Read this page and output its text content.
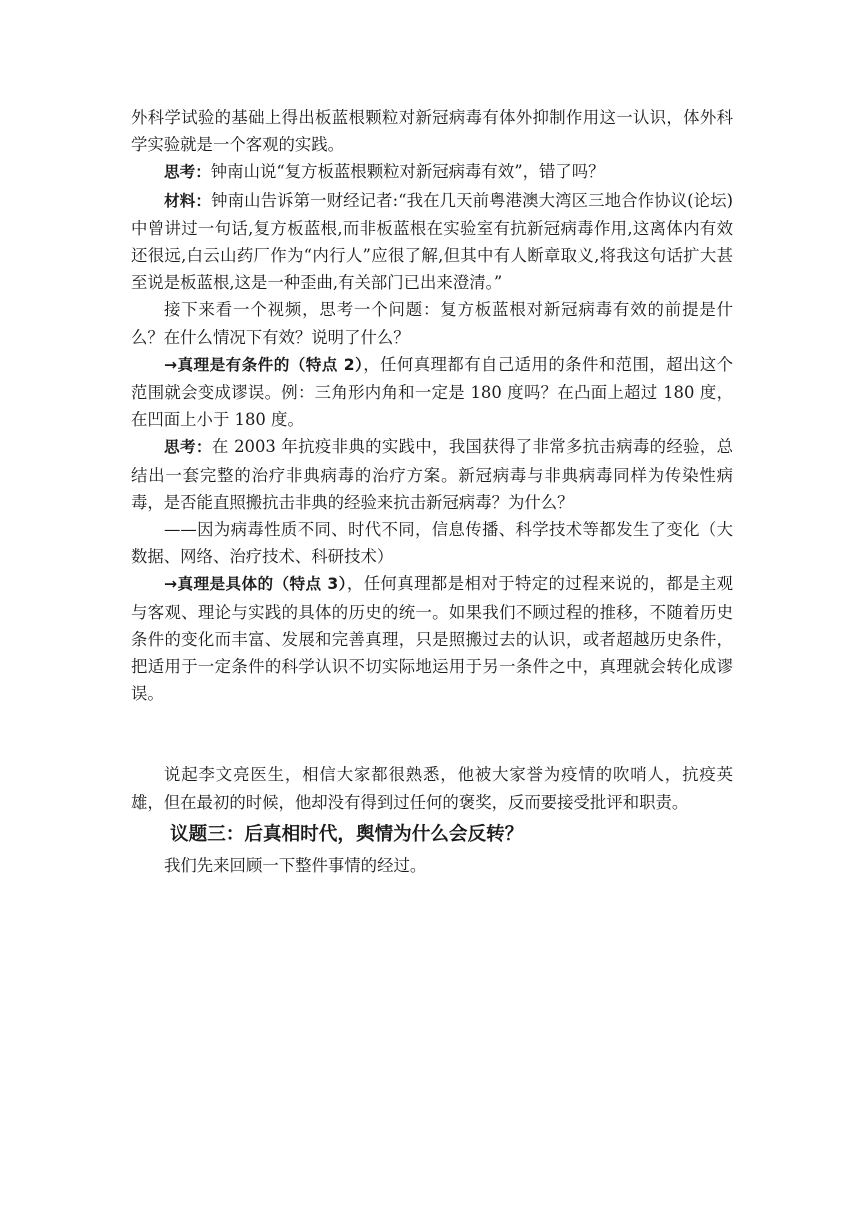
外科学试验的基础上得出板蓝根颗粒对新冠病毒有体外抑制作用这一认识，体外科学实验就是一个客观的实践。

思考：钟南山说“复方板蓝根颗粒对新冠病毒有效”，错了吗？

材料：钟南山告诉第一财经记者:“我在几天前粤港澳大湾区三地合作协议(论坛)中曾讲过一句话,复方板蓝根,而非板蓝根在实验室有抗新冠病毒作用,这离体内有效还很远,白云山药厂作为“内行人”应很了解,但其中有人断章取义,将我这句话扩大甚至说是板蓝根,这是一种歪曲,有关部门已出来澄清。”

接下来看一个视频，思考一个问题：复方板蓝根对新冠病毒有效的前提是什么？在什么情况下有效？说明了什么？

→真理是有条件的（特点 2），任何真理都有自己适用的条件和范围，超出这个范围就会变成谬误。例：三角形内角和一定是 180 度吗？在凸面上超过 180 度，在凹面上小于 180 度。

思考：在 2003 年抗疫非典的实践中，我国获得了非常多抗击病毒的经验，总结出一套完整的治疗非典病毒的治疗方案。新冠病毒与非典病毒同样为传染性病毒，是否能直照搬抗击非典的经验来抗击新冠病毒？为什么？

——因为病毒性质不同、时代不同，信息传播、科学技术等都发生了变化（大数据、网络、治疗技术、科研技术）

→真理是具体的（特点 3），任何真理都是相对于特定的过程来说的，都是主观与客观、理论与实践的具体的历史的统一。如果我们不顾过程的推移，不随着历史条件的变化而丰富、发展和完善真理，只是照搬过去的认识，或者超越历史条件，把适用于一定条件的科学认识不切实际地运用于另一条件之中，真理就会转化成谬误。

说起李文亮医生，相信大家都很熟悉，他被大家誉为疫情的吹哨人，抗疫英雄，但在最初的时候，他却没有得到过任何的褒奖，反而要接受批评和职责。

议题三：后真相时代，舆情为什么会反转？

我们先来回顾一下整件事情的经过。
